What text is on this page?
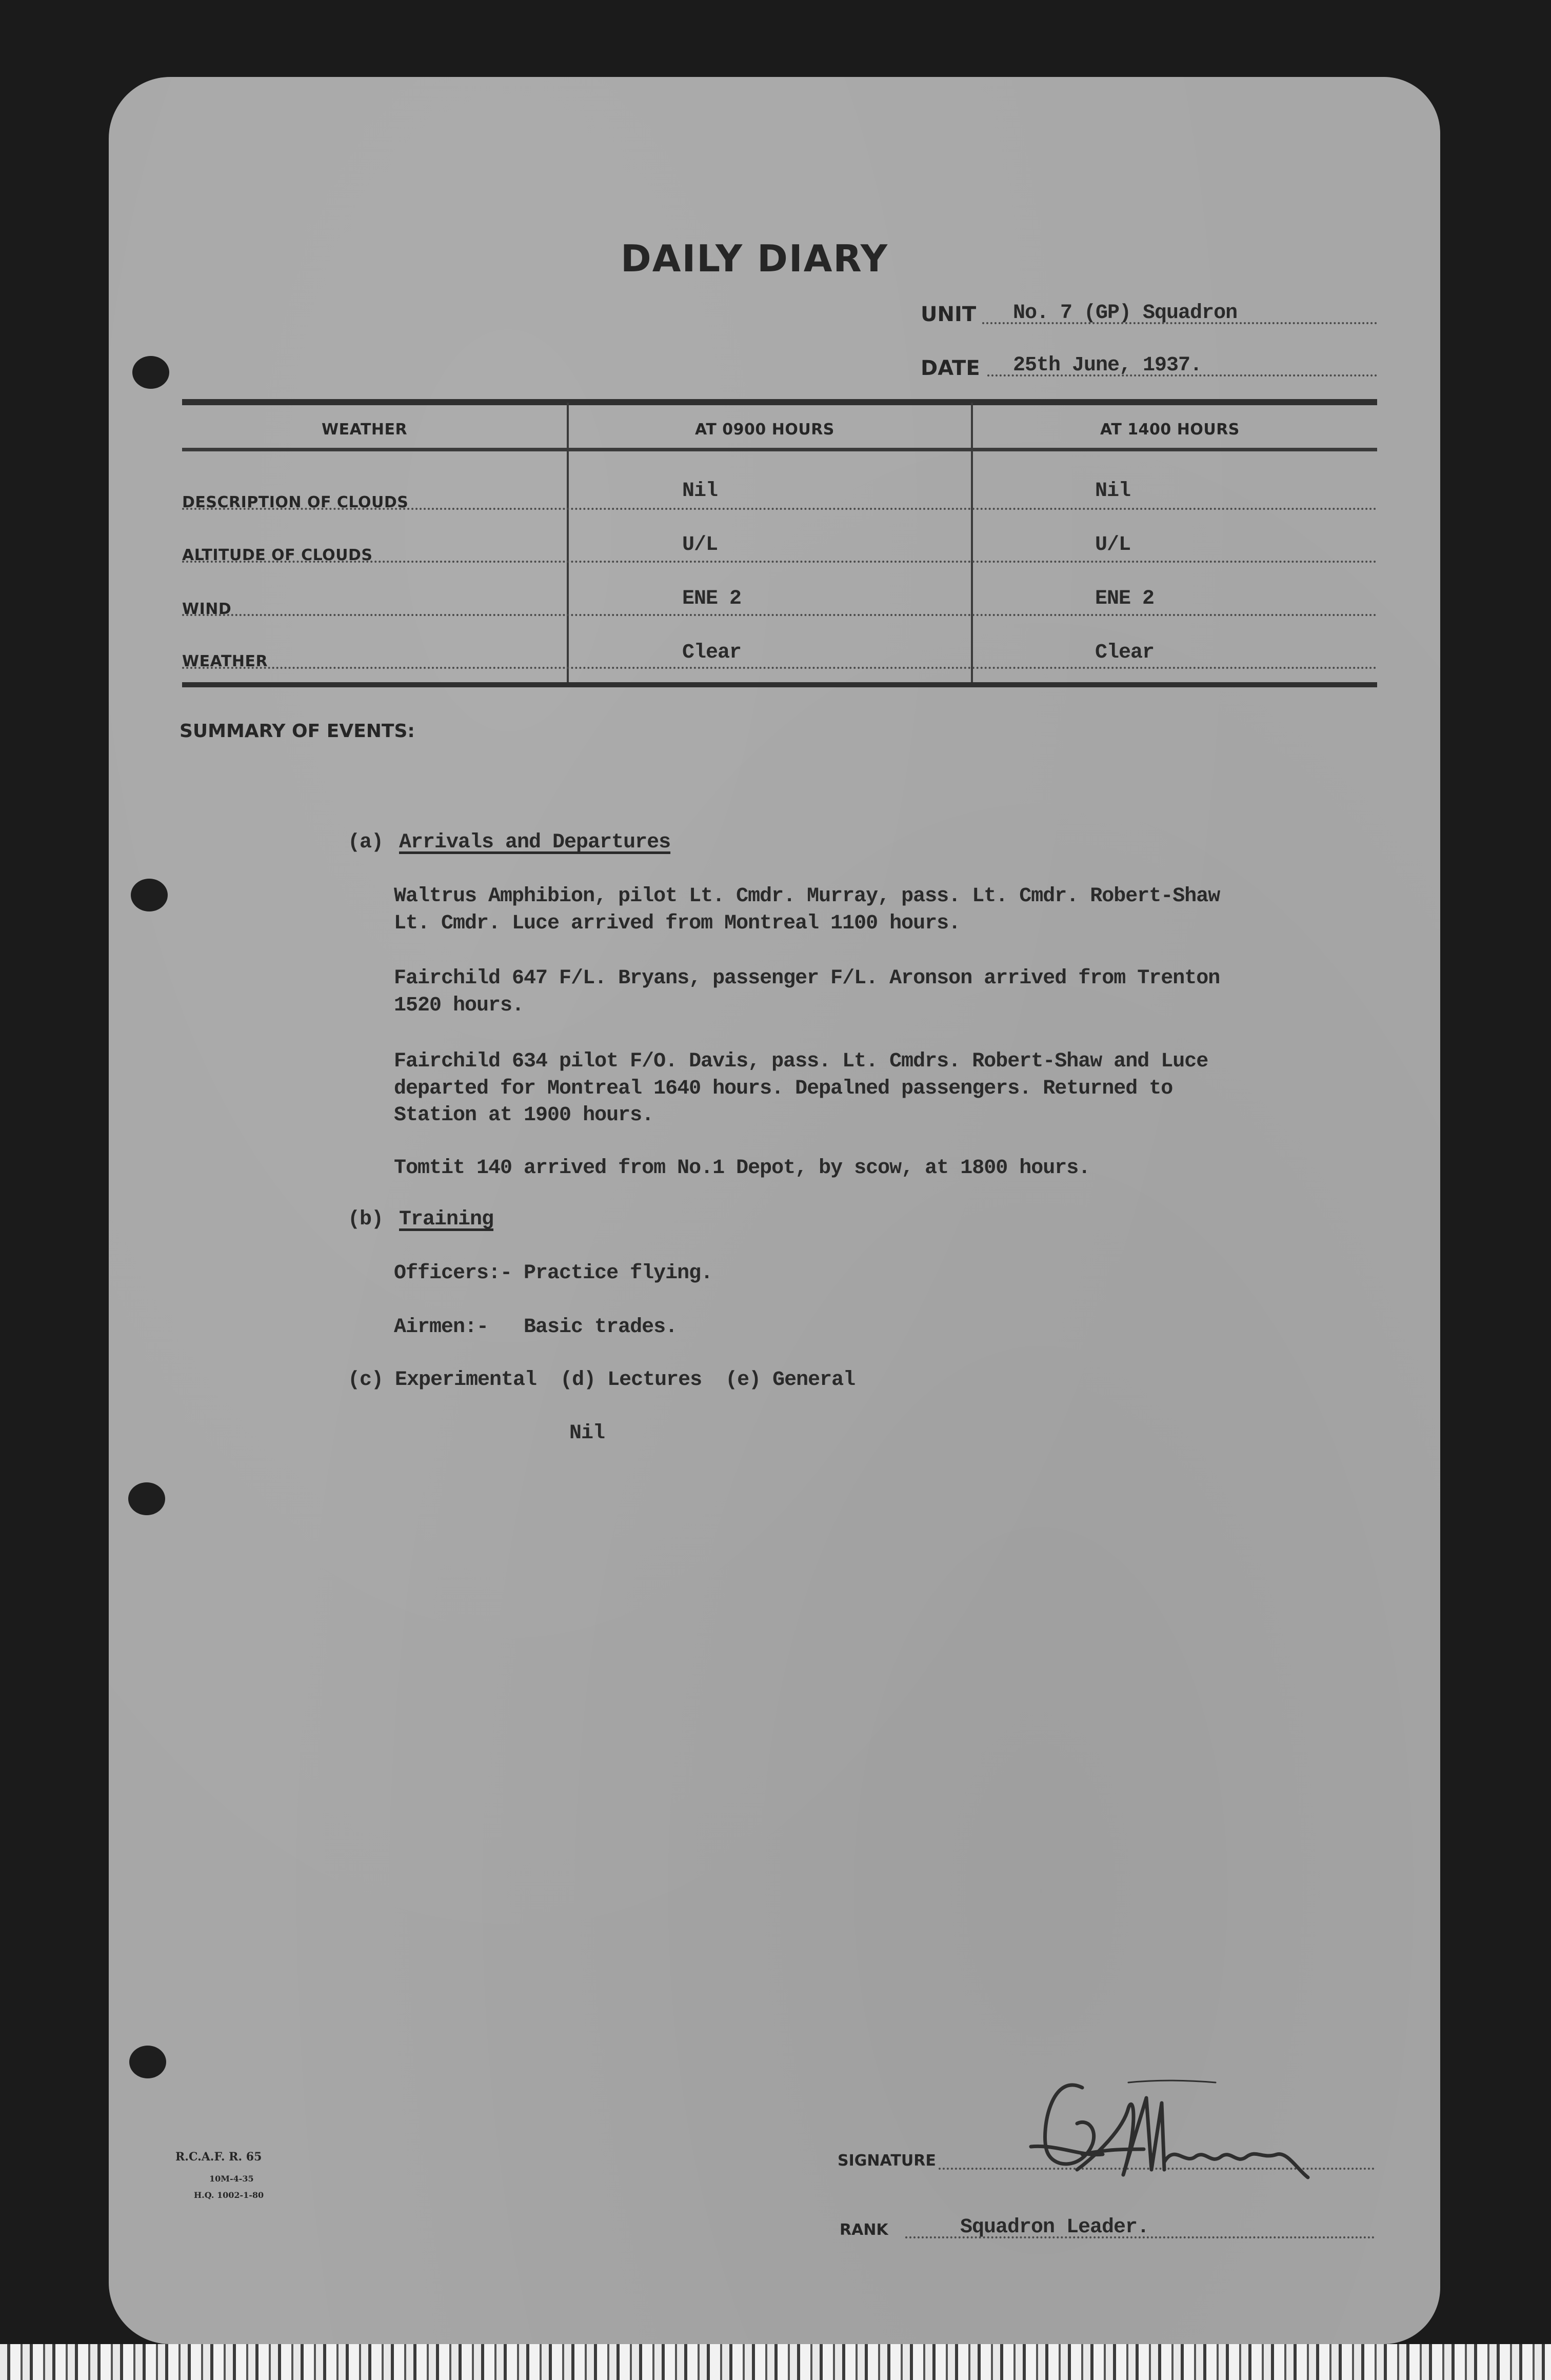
DAILY DIARY
UNIT No. 7 (GP) Squadron
DATE 25th June, 1937.
WEATHER	AT 0900 HOURS	AT 1400 HOURS
DESCRIPTION OF CLOUDS	Nil	Nil
ALTITUDE OF CLOUDS	U/L	U/L
WIND	ENE 2	ENE 2
WEATHER	Clear	Clear
SUMMARY OF EVENTS:
(a) Arrivals and Departures
Waltrus Amphibion, pilot Lt. Cmdr. Murray, pass. Lt. Cmdr. Robert-Shaw
Lt. Cmdr. Luce arrived from Montreal 1100 hours.
Fairchild 647 F/L. Bryans, passenger F/L. Aronson arrived from Trenton
1520 hours.
Fairchild 634 pilot F/O. Davis, pass. Lt. Cmdrs. Robert-Shaw and Luce
departed for Montreal 1640 hours. Depalned passengers. Returned to
Station at 1900 hours.
Tomtit 140 arrived from No.1 Depot, by scow, at 1800 hours.
(b) Training
Officers:- Practice flying.
Airmen:-   Basic trades.
(c) Experimental  (d) Lectures  (e) General
Nil
R.C.A.F. R. 65
10M-4-35
H.Q. 1002-1-80
SIGNATURE
RANK	Squadron Leader.
